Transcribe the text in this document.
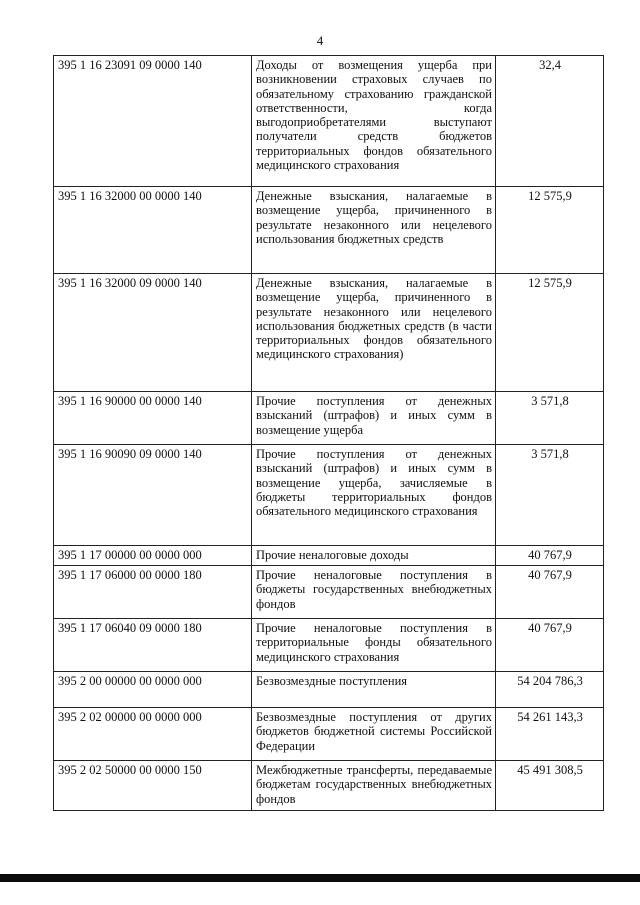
4
395 1 16 23091 09 0000 140	Доходы от возмещения ущерба при возникновении страховых случаев по обязательному страхованию гражданской ответственности, когда выгодоприобретателями выступают получатели средств бюджетов территориальных фондов обязательного медицинского страхования	32,4
395 1 16 32000 00 0000 140	Денежные взыскания, налагаемые в возмещение ущерба, причиненного в результате незаконного или нецелевого использования бюджетных средств	12 575,9
395 1 16 32000 09 0000 140	Денежные взыскания, налагаемые в возмещение ущерба, причиненного в результате незаконного или нецелевого использования бюджетных средств (в части территориальных фондов обязательного медицинского страхования)	12 575,9
395 1 16 90000 00 0000 140	Прочие поступления от денежных взысканий (штрафов) и иных сумм в возмещение ущерба	3 571,8
395 1 16 90090 09 0000 140	Прочие поступления от денежных взысканий (штрафов) и иных сумм в возмещение ущерба, зачисляемые в бюджеты территориальных фондов обязательного медицинского страхования	3 571,8
395 1 17 00000 00 0000 000	Прочие неналоговые доходы	40 767,9
395 1 17 06000 00 0000 180	Прочие неналоговые поступления в бюджеты государственных внебюджетных фондов	40 767,9
395 1 17 06040 09 0000 180	Прочие неналоговые поступления в территориальные фонды обязательного медицинского страхования	40 767,9
395 2 00 00000 00 0000 000	Безвозмездные поступления	54 204 786,3
395 2 02 00000 00 0000 000	Безвозмездные поступления от других бюджетов бюджетной системы Российской Федерации	54 261 143,3
395 2 02 50000 00 0000 150	Межбюджетные трансферты, передаваемые бюджетам государственных внебюджетных фондов	45 491 308,5
